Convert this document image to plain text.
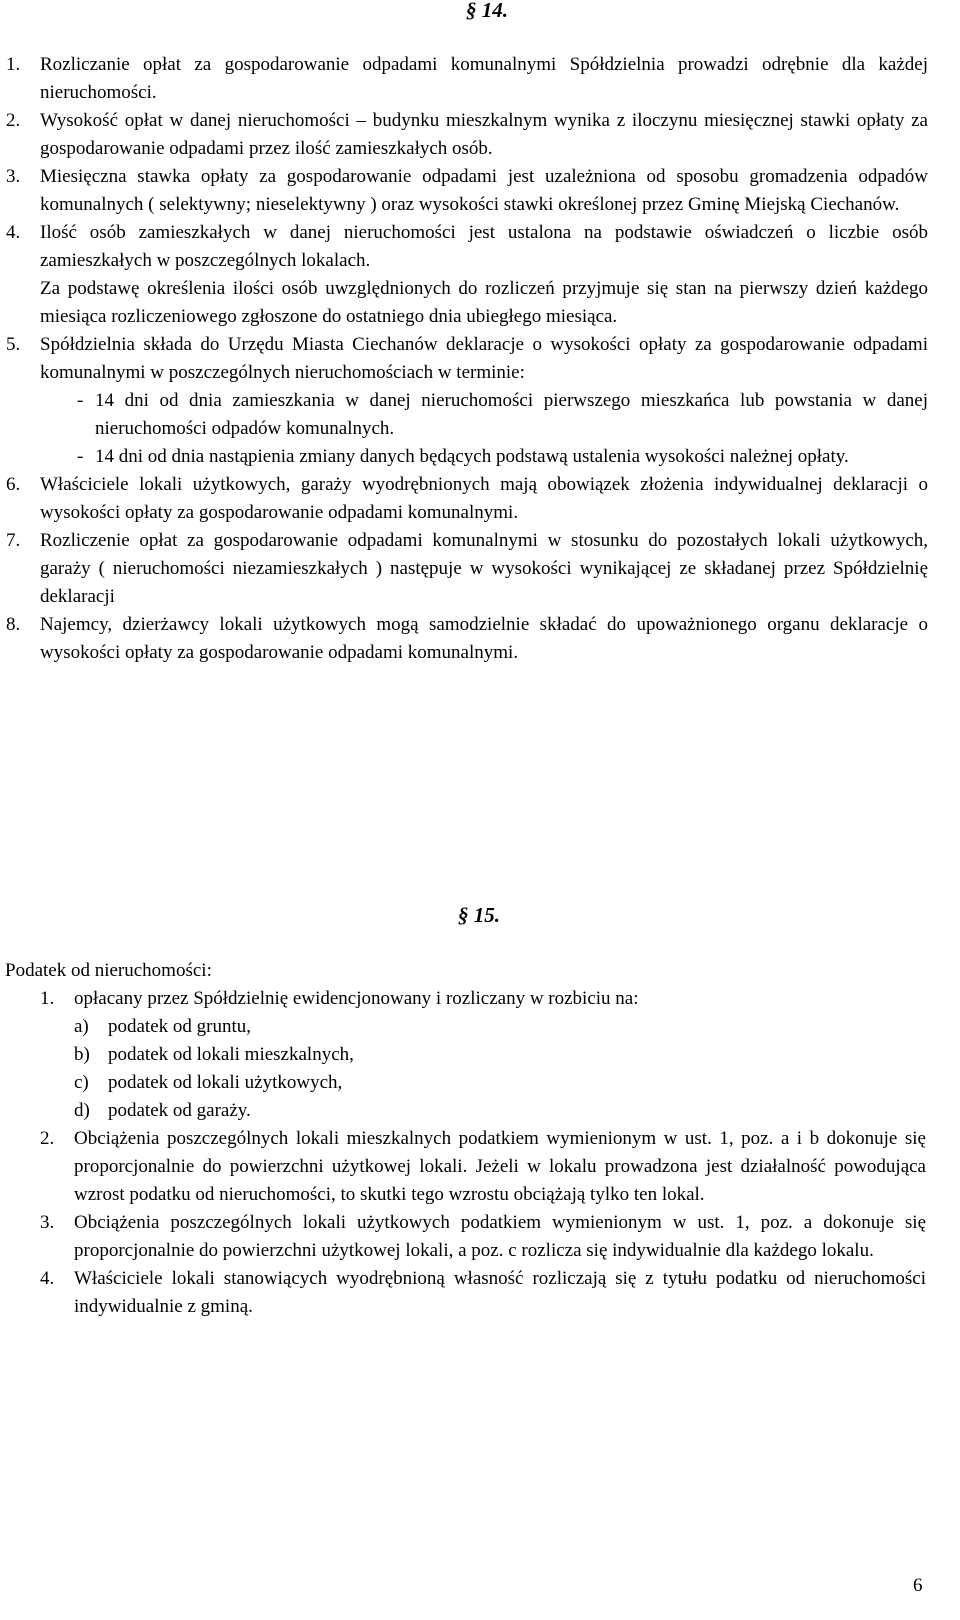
§ 14.
1. Rozliczanie opłat za gospodarowanie odpadami komunalnymi Spółdzielnia prowadzi odrębnie dla każdej nieruchomości.

2. Wysokość opłat w danej nieruchomości – budynku mieszkalnym wynika z iloczynu miesięcznej stawki opłaty za gospodarowanie odpadami przez ilość zamieszkałych osób.

3. Miesięczna stawka opłaty za gospodarowanie odpadami jest uzależniona od sposobu gromadzenia odpadów komunalnych ( selektywny; nieselektywny ) oraz wysokości stawki określonej przez Gminę Miejską Ciechanów.

4. Ilość osób zamieszkałych w danej nieruchomości jest ustalona na podstawie oświadczeń o liczbie osób zamieszkałych w poszczególnych lokalach.

Za podstawę określenia ilości osób uwzględnionych do rozliczeń przyjmuje się stan na pierwszy dzień każdego miesiąca rozliczeniowego zgłoszone do ostatniego dnia ubiegłego miesiąca.

5. Spółdzielnia składa do Urzędu Miasta Ciechanów deklaracje o wysokości opłaty za gospodarowanie odpadami komunalnymi w poszczególnych nieruchomościach w terminie:

- 14 dni od dnia zamieszkania w danej nieruchomości pierwszego mieszkańca lub powstania w danej nieruchomości odpadów komunalnych.

- 14 dni od dnia nastąpienia zmiany danych będących podstawą ustalenia wysokości należnej opłaty.

6. Właściciele lokali użytkowych, garaży wyodrębnionych mają obowiązek złożenia indywidualnej deklaracji o wysokości opłaty za gospodarowanie odpadami komunalnymi.

7. Rozliczenie opłat za gospodarowanie odpadami komunalnymi w stosunku do pozostałych lokali użytkowych, garaży ( nieruchomości niezamieszkałych ) następuje w wysokości wynikającej ze składanej przez Spółdzielnię deklaracji

8. Najemcy, dzierżawcy lokali użytkowych mogą samodzielnie składać do upoważnionego organu deklaracje o wysokości opłaty za gospodarowanie odpadami komunalnymi.

§ 15.
Podatek od nieruchomości:
1. opłacany przez Spółdzielnię ewidencjonowany i rozliczany w rozbiciu na:

a) podatek od gruntu,

b) podatek od lokali mieszkalnych,

c) podatek od lokali użytkowych,

d) podatek od garaży.

2. Obciążenia poszczególnych lokali mieszkalnych podatkiem wymienionym w ust. 1, poz. a i b dokonuje się proporcjonalnie do powierzchni użytkowej lokali. Jeżeli w lokalu prowadzona jest działalność powodująca wzrost podatku od nieruchomości, to skutki tego wzrostu obciążają tylko ten lokal.

3. Obciążenia poszczególnych lokali użytkowych podatkiem wymienionym w ust. 1, poz. a dokonuje się proporcjonalnie do powierzchni użytkowej lokali, a poz. c rozlicza się indywidualnie dla każdego lokalu.

4. Właściciele lokali stanowiących wyodrębnioną własność rozliczają się z tytułu podatku od nieruchomości indywidualnie z gminą.

6
